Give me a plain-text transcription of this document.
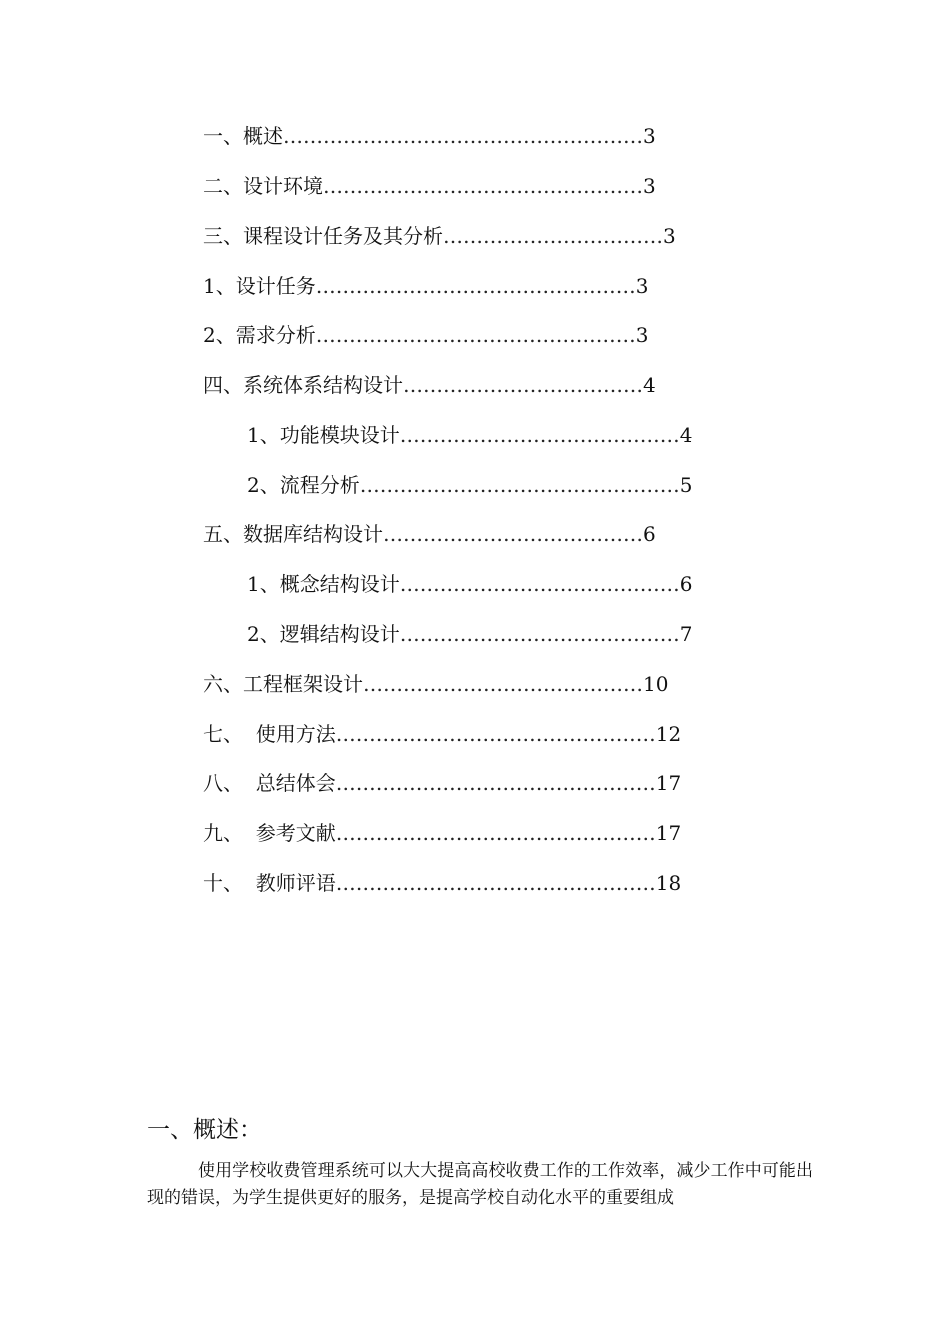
一、概述………………………………………………3
二、设计环境…………………………………………3
三、课程设计任务及其分析……………………………3
1、设计任务…………………………………………3
2、需求分析…………………………………………3
四、系统体系结构设计………………………………4
1、功能模块设计……………………………………4
2、流程分析…………………………………………5
五、数据库结构设计…………………………………6
1、概念结构设计……………………………………6
2、逻辑结构设计……………………………………7
六、工程框架设计……………………………………10
七、  使用方法…………………………………………12
八、  总结体会…………………………………………17
九、  参考文献…………………………………………17
十、  教师评语…………………………………………18
一、概述：
使用学校收费管理系统可以大大提高高校收费工作的工作效率，减少工作中可能出现的错误，为学生提供更好的服务，是提高学校自动化水平的重要组成
